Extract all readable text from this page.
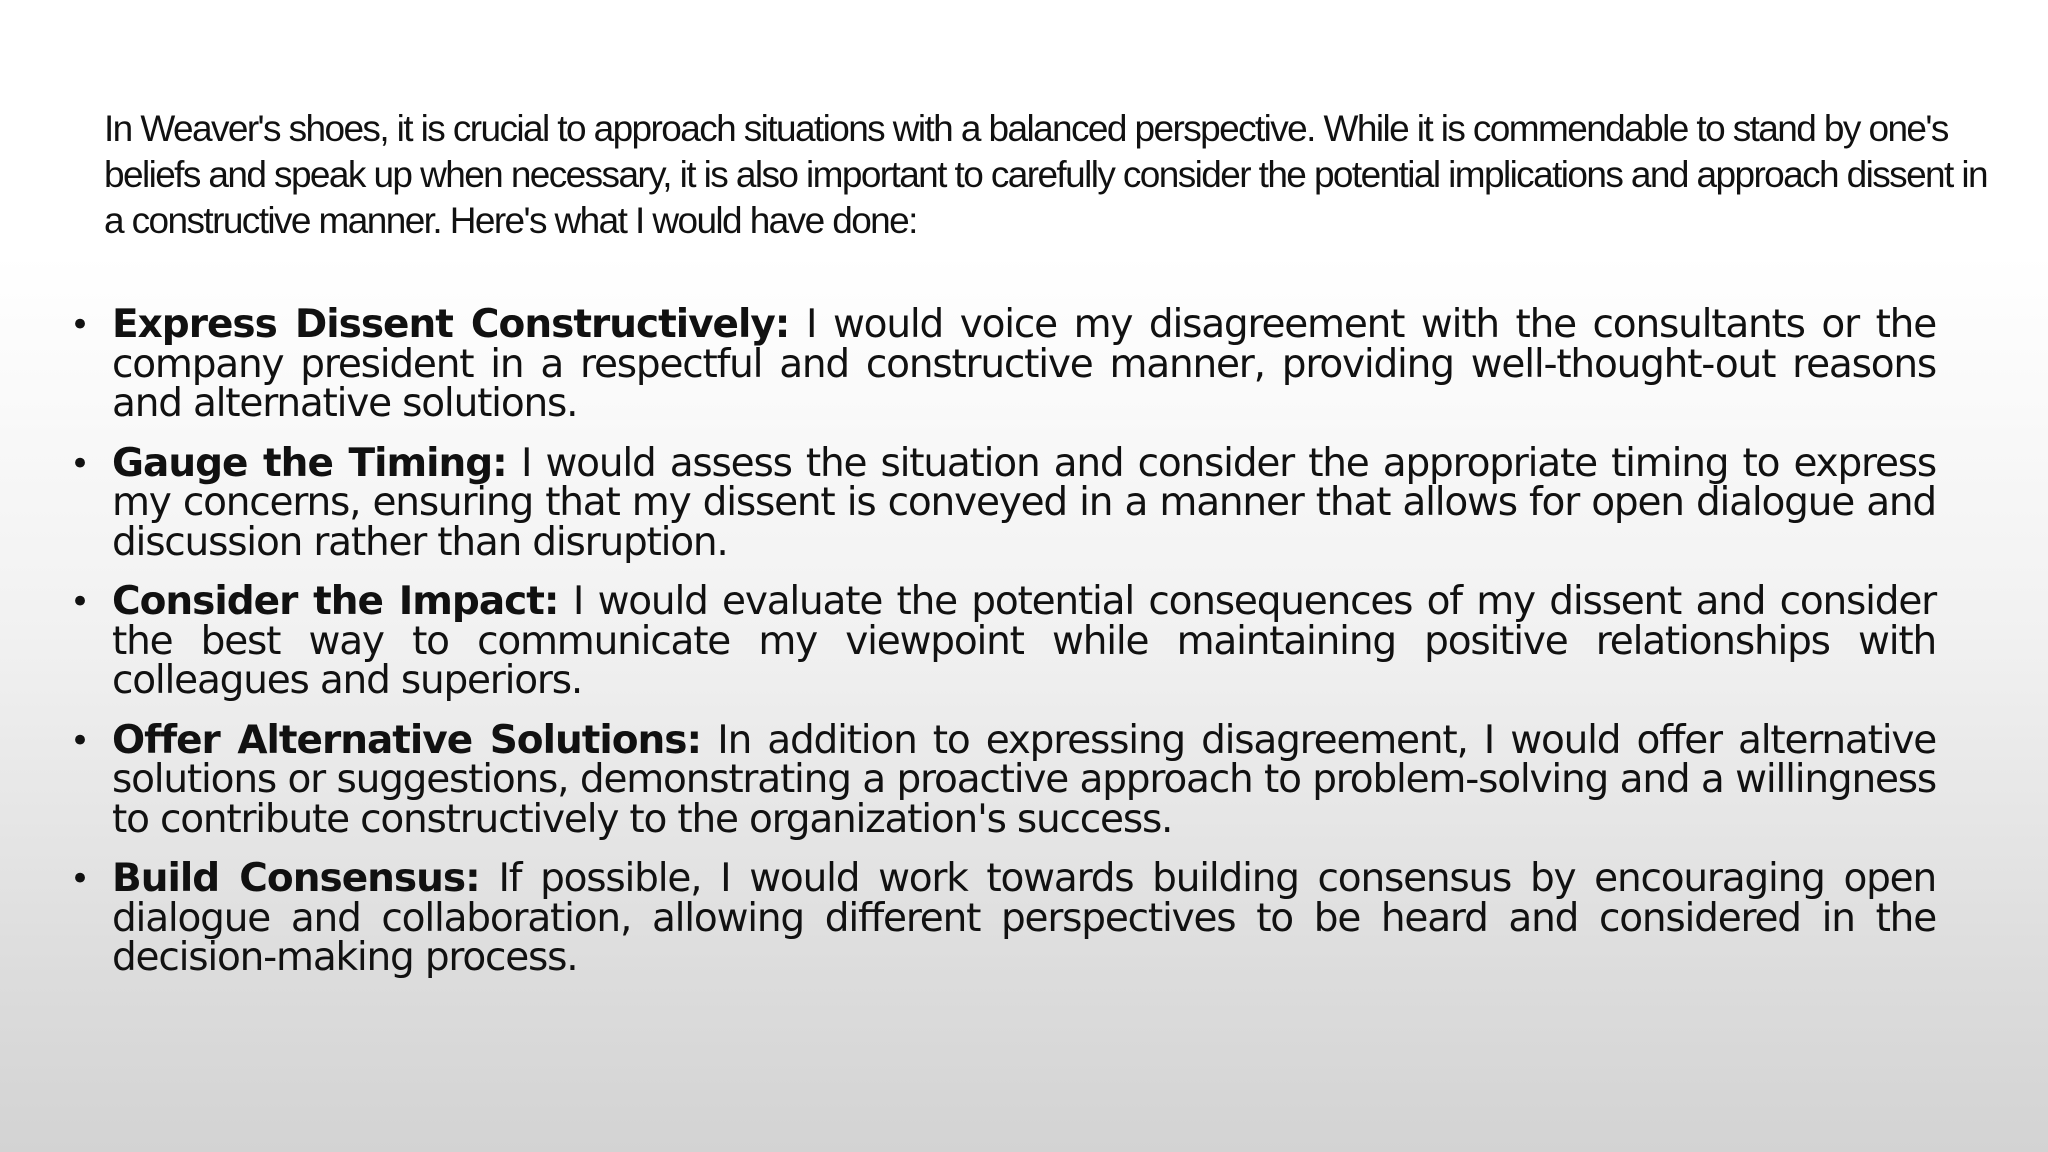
In Weaver's shoes, it is crucial to approach situations with a balanced perspective. While it is commendable to stand by one's beliefs and speak up when necessary, it is also important to carefully consider the potential implications and approach dissent in a constructive manner. Here's what I would have done:

• Express Dissent Constructively: I would voice my disagreement with the consultants or the company president in a respectful and constructive manner, providing well-thought-out reasons and alternative solutions.
• Gauge the Timing: I would assess the situation and consider the appropriate timing to express my concerns, ensuring that my dissent is conveyed in a manner that allows for open dialogue and discussion rather than disruption.
• Consider the Impact: I would evaluate the potential consequences of my dissent and consider the best way to communicate my viewpoint while maintaining positive relationships with colleagues and superiors.
• Offer Alternative Solutions: In addition to expressing disagreement, I would offer alternative solutions or suggestions, demonstrating a proactive approach to problem-solving and a willingness to contribute constructively to the organization's success.
• Build Consensus: If possible, I would work towards building consensus by encouraging open dialogue and collaboration, allowing different perspectives to be heard and considered in the decision-making process.
